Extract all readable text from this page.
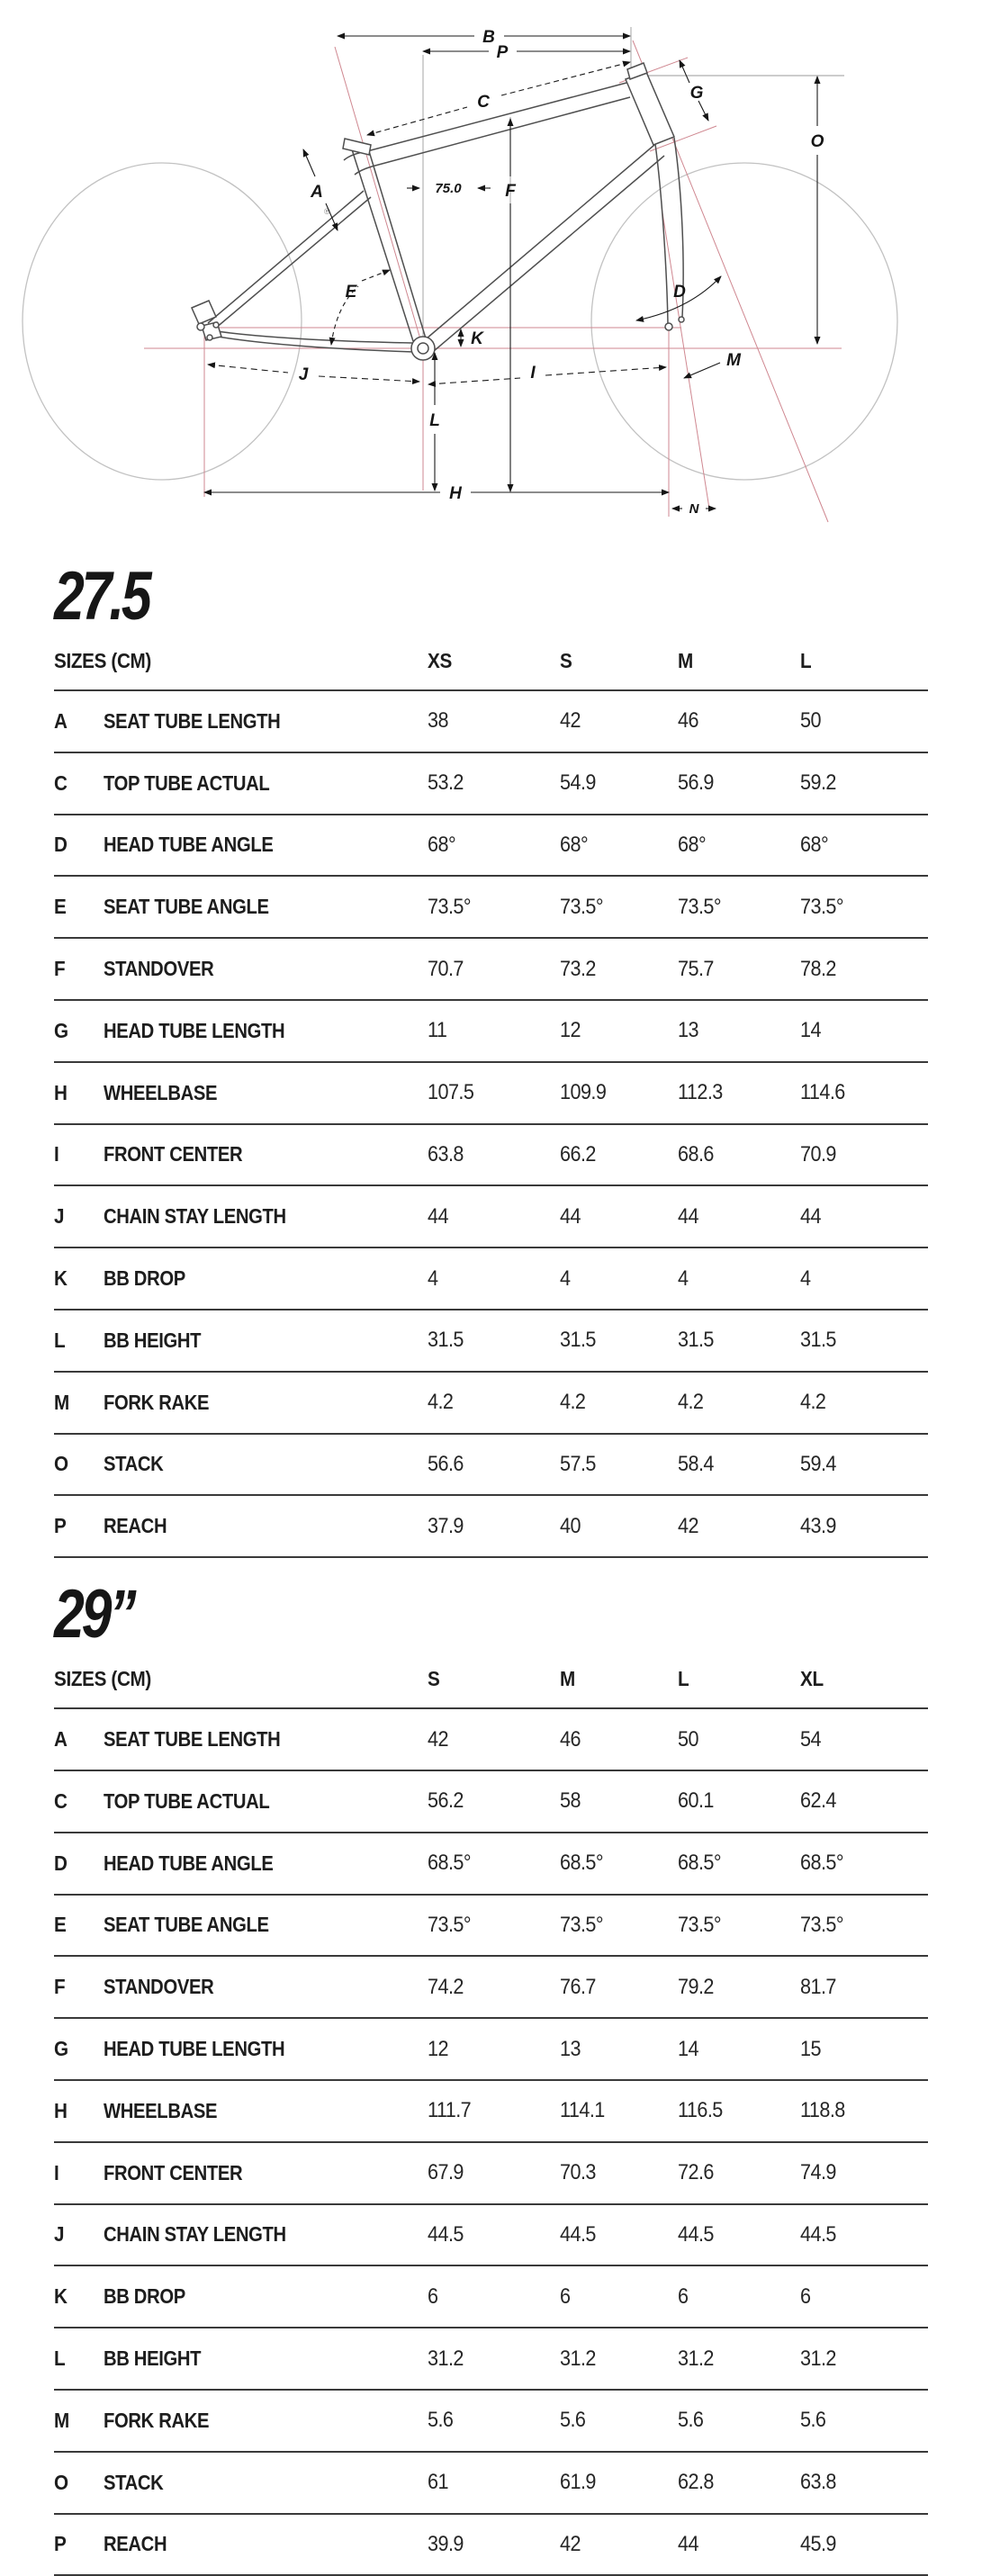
®
B
P
C	G
O
A	F
75.0
E	D
K
J	I
M
L
H
N
27.5
SIZES (CM)	XS	S	M	L
A	SEAT TUBE LENGTH	38	42	46	50
C	TOP TUBE ACTUAL	53.2	54.9	56.9	59.2
D	HEAD TUBE ANGLE	68°	68°	68°	68°
E	SEAT TUBE ANGLE	73.5°	73.5°	73.5°	73.5°
F	STANDOVER	70.7	73.2	75.7	78.2
G	HEAD TUBE LENGTH	11	12	13	14
H	WHEELBASE	107.5	109.9	112.3	114.6
I	FRONT CENTER	63.8	66.2	68.6	70.9
J	CHAIN STAY LENGTH	44	44	44	44
K	BB DROP	4	4	4	4
L	BB HEIGHT	31.5	31.5	31.5	31.5
M	FORK RAKE	4.2	4.2	4.2	4.2
O	STACK	56.6	57.5	58.4	59.4
P	REACH	37.9	40	42	43.9
29”
SIZES (CM)	S	M	L	XL
A	SEAT TUBE LENGTH	42	46	50	54
C	TOP TUBE ACTUAL	56.2	58	60.1	62.4
D	HEAD TUBE ANGLE	68.5°	68.5°	68.5°	68.5°
E	SEAT TUBE ANGLE	73.5°	73.5°	73.5°	73.5°
F	STANDOVER	74.2	76.7	79.2	81.7
G	HEAD TUBE LENGTH	12	13	14	15
H	WHEELBASE	111.7	114.1	116.5	118.8
I	FRONT CENTER	67.9	70.3	72.6	74.9
J	CHAIN STAY LENGTH	44.5	44.5	44.5	44.5
K	BB DROP	6	6	6	6
L	BB HEIGHT	31.2	31.2	31.2	31.2
M	FORK RAKE	5.6	5.6	5.6	5.6
O	STACK	61	61.9	62.8	63.8
P	REACH	39.9	42	44	45.9
